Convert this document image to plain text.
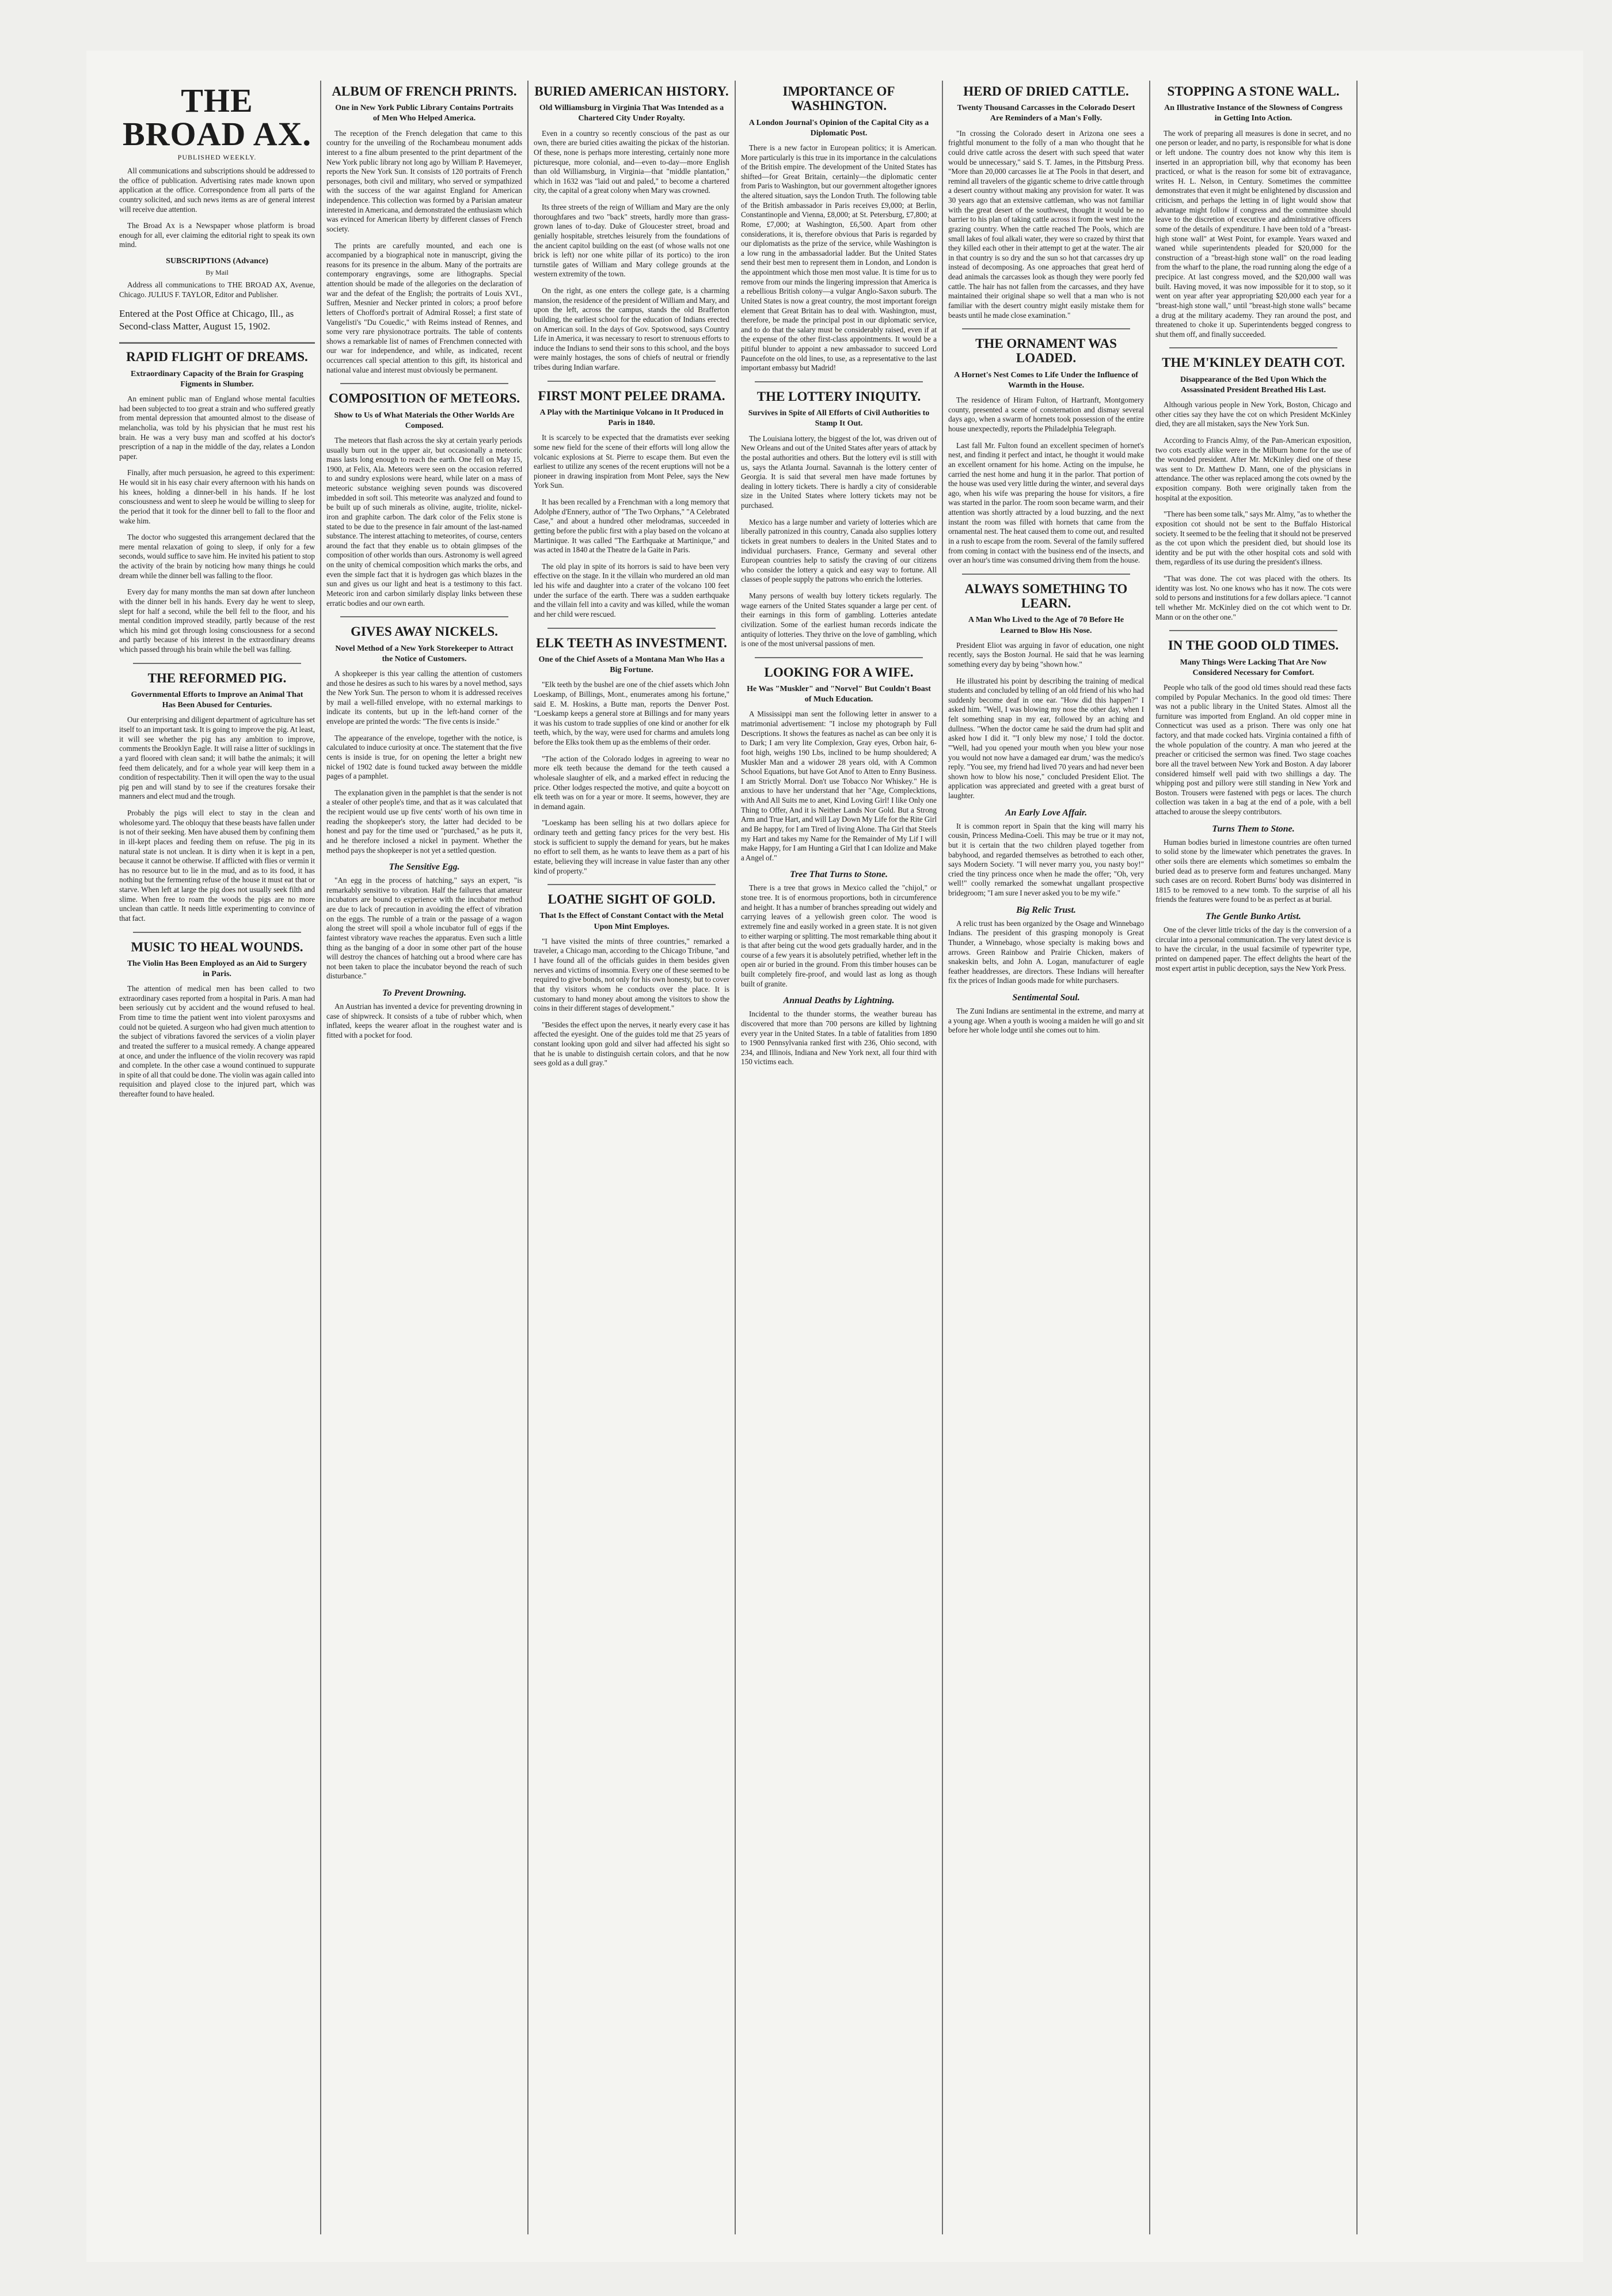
THE BROAD AX.
PUBLISHED WEEKLY.

All communications and subscriptions should be addressed to the office of publication. Advertising rates made known upon application at the office. Correspondence from all parts of the country solicited, and such news items as are of general interest will receive due attention.

The Broad Ax is a Newspaper whose platform is broad enough for all, ever claiming the editorial right to speak its own mind.

SUBSCRIPTIONS (Advance)
By Mail

Address all communications to THE BROAD AX, Avenue, Chicago. JULIUS F. TAYLOR, Editor and Publisher.

Entered at the Post Office at Chicago, Ill., as Second-class Matter, August 15, 1902.
RAPID FLIGHT OF DREAMS.
Extraordinary Capacity of the Brain for Grasping Figments in Slumber.

An eminent public man of England whose mental faculties had been subjected to too great a strain and who suffered greatly from mental depression that amounted almost to the disease of melancholia, was told by his physician that he must rest his brain. He was a very busy man and scoffed at his doctor's prescription of a nap in the middle of the day, relates a London paper.

Finally, after much persuasion, he agreed to this experiment: He would sit in his easy chair every afternoon with his hands on his knees, holding a dinner-bell in his hands. If he lost consciousness and went to sleep he would be willing to sleep for the period that it took for the dinner bell to fall to the floor and wake him.

The doctor who suggested this arrangement declared that the mere mental relaxation of going to sleep, if only for a few seconds, would suffice to save him. He invited his patient to stop the activity of the brain by noticing how many things he could dream while the dinner bell was falling to the floor.

Every day for many months the man sat down after luncheon with the dinner bell in his hands. Every day he went to sleep, slept for half a second, while the bell fell to the floor, and his mental condition improved steadily, partly because of the rest which his mind got through losing consciousness for a second and partly because of his interest in the extraordinary dreams which passed through his brain while the bell was falling.

THE REFORMED PIG.
Governmental Efforts to Improve an Animal That Has Been Abused for Centuries.

Our enterprising and diligent department of agriculture has set itself to an important task. It is going to improve the pig. At least, it will see whether the pig has any ambition to improve, comments the Brooklyn Eagle. It will raise a litter of sucklings in a yard floored with clean sand; it will bathe the animals; it will feed them delicately, and for a whole year will keep them in a condition of respectability. Then it will open the way to the usual pig pen and will stand by to see if the creatures forsake their manners and elect mud and the trough.

Probably the pigs will elect to stay in the clean and wholesome yard. The obloquy that these beasts have fallen under is not of their seeking. Men have abused them by confining them in ill-kept places and feeding them on refuse. The pig in its natural state is not unclean. It is dirty when it is kept in a pen, because it cannot be otherwise. If afflicted with flies or vermin it has no resource but to lie in the mud, and as to its food, it has nothing but the fermenting refuse of the house it must eat that or starve. When left at large the pig does not usually seek filth and slime. When free to roam the woods the pigs are no more unclean than cattle. It needs little experimenting to convince of that fact.

MUSIC TO HEAL WOUNDS.
The Violin Has Been Employed as an Aid to Surgery in Paris.

The attention of medical men has been called to two extraordinary cases reported from a hospital in Paris. A man had been seriously cut by accident and the wound refused to heal. From time to time the patient went into violent paroxysms and could not be quieted. A surgeon who had given much attention to the subject of vibrations favored the services of a violin player and treated the sufferer to a musical remedy. A change appeared at once, and under the influence of the violin recovery was rapid and complete. In the other case a wound continued to suppurate in spite of all that could be done. The violin was again called into requisition and played close to the injured part, which was thereafter found to have healed.

ALBUM OF FRENCH PRINTS.
One in New York Public Library Contains Portraits of Men Who Helped America.

The reception of the French delegation that came to this country for the unveiling of the Rochambeau monument adds interest to a fine album presented to the print department of the New York public library not long ago by William P. Havemeyer, reports the New York Sun. It consists of 120 portraits of French personages, both civil and military, who served or sympathized with the success of the war against England for American independence. This collection was formed by a Parisian amateur interested in Americana, and demonstrated the enthusiasm which was evinced for American liberty by different classes of French society.

The prints are carefully mounted, and each one is accompanied by a biographical note in manuscript, giving the reasons for its presence in the album. Many of the portraits are contemporary engravings, some are lithographs. Special attention should be made of the allegories on the declaration of war and the defeat of the English; the portraits of Louis XVI., Suffren, Mesnier and Necker printed in colors; a proof before letters of Chofford's portrait of Admiral Rossel; a first state of Vangelisti's "Du Couedic," with Reims instead of Rennes, and some very rare physionotrace portraits. The table of contents shows a remarkable list of names of Frenchmen connected with our war for independence, and while, as indicated, recent occurrences call special attention to this gift, its historical and national value and interest must obviously be permanent.

COMPOSITION OF METEORS.
Show to Us of What Materials the Other Worlds Are Composed.

The meteors that flash across the sky at certain yearly periods usually burn out in the upper air, but occasionally a meteoric mass lasts long enough to reach the earth. One fell on May 15, 1900, at Felix, Ala. Meteors were seen on the occasion referred to and sundry explosions were heard, while later on a mass of meteoric substance weighing seven pounds was discovered imbedded in soft soil. This meteorite was analyzed and found to be built up of such minerals as olivine, augite, triolite, nickel-iron and graphite carbon. The dark color of the Felix stone is stated to be due to the presence in fair amount of the last-named substance. The interest attaching to meteorites, of course, centers around the fact that they enable us to obtain glimpses of the composition of other worlds than ours. Astronomy is well agreed on the unity of chemical composition which marks the orbs, and even the simple fact that it is hydrogen gas which blazes in the sun and gives us our light and heat is a testimony to this fact. Meteoric iron and carbon similarly display links between these erratic bodies and our own earth.

GIVES AWAY NICKELS.
Novel Method of a New York Storekeeper to Attract the Notice of Customers.

A shopkeeper is this year calling the attention of customers and those he desires as such to his wares by a novel method, says the New York Sun. The person to whom it is addressed receives by mail a well-filled envelope, with no external markings to indicate its contents, but up in the left-hand corner of the envelope are printed the words: "The five cents is inside."

The appearance of the envelope, together with the notice, is calculated to induce curiosity at once. The statement that the five cents is inside is true, for on opening the letter a bright new nickel of 1902 date is found tucked away between the middle pages of a pamphlet.

The explanation given in the pamphlet is that the sender is not a stealer of other people's time, and that as it was calculated that the recipient would use up five cents' worth of his own time in reading the shopkeeper's story, the latter had decided to be honest and pay for the time used or "purchased," as he puts it, and he therefore inclosed a nickel in payment. Whether the method pays the shopkeeper is not yet a settled question.

The Sensitive Egg.

"An egg in the process of hatching," says an expert, "is remarkably sensitive to vibration. Half the failures that amateur incubators are bound to experience with the incubator method are due to lack of precaution in avoiding the effect of vibration on the eggs. The rumble of a train or the passage of a wagon along the street will spoil a whole incubator full of eggs if the faintest vibratory wave reaches the apparatus. Even such a little thing as the banging of a door in some other part of the house will destroy the chances of hatching out a brood where care has not been taken to place the incubator beyond the reach of such disturbance."

To Prevent Drowning.

An Austrian has invented a device for preventing drowning in case of shipwreck. It consists of a tube of rubber which, when inflated, keeps the wearer afloat in the roughest water and is fitted with a pocket for food.

BURIED AMERICAN HISTORY.
Old Williamsburg in Virginia That Was Intended as a Chartered City Under Royalty.

Even in a country so recently conscious of the past as our own, there are buried cities awaiting the pickax of the historian. Of these, none is perhaps more interesting, certainly none more picturesque, more colonial, and—even to-day—more English than old Williamsburg, in Virginia—that "middle plantation," which in 1632 was "laid out and paled," to become a chartered city, the capital of a great colony when Mary was crowned.

Its three streets of the reign of William and Mary are the only thoroughfares and two "back" streets, hardly more than grass-grown lanes of to-day. Duke of Gloucester street, broad and genially hospitable, stretches leisurely from the foundations of the ancient capitol building on the east (of whose walls not one brick is left) nor one white pillar of its portico) to the iron turnstile gates of William and Mary college grounds at the western extremity of the town.

On the right, as one enters the college gate, is a charming mansion, the residence of the president of William and Mary, and upon the left, across the campus, stands the old Brafferton building, the earliest school for the education of Indians erected on American soil. In the days of Gov. Spotswood, says Country Life in America, it was necessary to resort to strenuous efforts to induce the Indians to send their sons to this school, and the boys were mainly hostages, the sons of chiefs of neutral or friendly tribes during Indian warfare.

FIRST MONT PELEE DRAMA.
A Play with the Martinique Volcano in It Produced in Paris in 1840.

It is scarcely to be expected that the dramatists ever seeking some new field for the scene of their efforts will long allow the volcanic explosions at St. Pierre to escape them. But even the earliest to utilize any scenes of the recent eruptions will not be a pioneer in drawing inspiration from Mont Pelee, says the New York Sun.

It has been recalled by a Frenchman with a long memory that Adolphe d'Ennery, author of "The Two Orphans," "A Celebrated Case," and about a hundred other melodramas, succeeded in getting before the public first with a play based on the volcano at Martinique. It was called "The Earthquake at Martinique," and was acted in 1840 at the Theatre de la Gaite in Paris.

The old play in spite of its horrors is said to have been very effective on the stage. In it the villain who murdered an old man led his wife and daughter into a crater of the volcano 100 feet under the surface of the earth. There was a sudden earthquake and the villain fell into a cavity and was killed, while the woman and her child were rescued.

ELK TEETH AS INVESTMENT.
One of the Chief Assets of a Montana Man Who Has a Big Fortune.

"Elk teeth by the bushel are one of the chief assets which John Loeskamp, of Billings, Mont., enumerates among his fortune," said E. M. Hoskins, a Butte man, reports the Denver Post. "Loeskamp keeps a general store at Billings and for many years it was his custom to trade supplies of one kind or another for elk teeth, which, by the way, were used for charms and amulets long before the Elks took them up as the emblems of their order.

"The action of the Colorado lodges in agreeing to wear no more elk teeth because the demand for the teeth caused a wholesale slaughter of elk, and a marked effect in reducing the price. Other lodges respected the motive, and quite a boycott on elk teeth was on for a year or more. It seems, however, they are in demand again.

"Loeskamp has been selling his at two dollars apiece for ordinary teeth and getting fancy prices for the very best. His stock is sufficient to supply the demand for years, but he makes no effort to sell them, as he wants to leave them as a part of his estate, believing they will increase in value faster than any other kind of property."

LOATHE SIGHT OF GOLD.
That Is the Effect of Constant Contact with the Metal Upon Mint Employes.

"I have visited the mints of three countries," remarked a traveler, a Chicago man, according to the Chicago Tribune, "and I have found all of the officials guides in them besides given nerves and victims of insomnia. Every one of these seemed to be required to give bonds, not only for his own honesty, but to cover that thy visitors whom he conducts over the place. It is customary to hand money about among the visitors to show the coins in their different stages of development."

"Besides the effect upon the nerves, it nearly every case it has affected the eyesight. One of the guides told me that 25 years of constant looking upon gold and silver had affected his sight so that he is unable to distinguish certain colors, and that he now sees gold as a dull gray."

IMPORTANCE OF WASHINGTON.
A London Journal's Opinion of the Capital City as a Diplomatic Post.

There is a new factor in European politics; it is American. More particularly is this true in its importance in the calculations of the British empire. The development of the United States has shifted—for Great Britain, certainly—the diplomatic center from Paris to Washington, but our government altogether ignores the altered situation, says the London Truth. The following table of the British ambassador in Paris receives £9,000; at Berlin, Constantinople and Vienna, £8,000; at St. Petersburg, £7,800; at Rome, £7,000; at Washington, £6,500. Apart from other considerations, it is, therefore obvious that Paris is regarded by our diplomatists as the prize of the service, while Washington is a low rung in the ambassadorial ladder. But the United States send their best men to represent them in London, and London is the appointment which those men most value. It is time for us to remove from our minds the lingering impression that America is a rebellious British colony—a vulgar Anglo-Saxon suburb. The United States is now a great country, the most important foreign element that Great Britain has to deal with. Washington, must, therefore, be made the principal post in our diplomatic service, and to do that the salary must be considerably raised, even if at the expense of the other first-class appointments. It would be a pitiful blunder to appoint a new ambassador to succeed Lord Pauncefote on the old lines, to use, as a representative to the last important embassy but Madrid!

THE LOTTERY INIQUITY.
Survives in Spite of All Efforts of Civil Authorities to Stamp It Out.

The Louisiana lottery, the biggest of the lot, was driven out of New Orleans and out of the United States after years of attack by the postal authorities and others. But the lottery evil is still with us, says the Atlanta Journal. Savannah is the lottery center of Georgia. It is said that several men have made fortunes by dealing in lottery tickets. There is hardly a city of considerable size in the United States where lottery tickets may not be purchased.

Mexico has a large number and variety of lotteries which are liberally patronized in this country, Canada also supplies lottery tickets in great numbers to dealers in the United States and to individual purchasers. France, Germany and several other European countries help to satisfy the craving of our citizens who consider the lottery a quick and easy way to fortune. All classes of people supply the patrons who enrich the lotteries.

Many persons of wealth buy lottery tickets regularly. The wage earners of the United States squander a large per cent. of their earnings in this form of gambling. Lotteries antedate civilization. Some of the earliest human records indicate the antiquity of lotteries. They thrive on the love of gambling, which is one of the most universal passions of men.

LOOKING FOR A WIFE.
He Was "Muskler" and "Norvel" But Couldn't Boast of Much Education.

A Mississippi man sent the following letter in answer to a matrimonial advertisement: "I inclose my photograph by Full Descriptions. It shows the features as nachel as can bee only it is to Dark; I am very lite Complexion, Gray eyes, Orbon hair, 6-foot high, weighs 190 Lbs, inclined to be hump shouldered; A Muskler Man and a widower 28 years old, with A Common School Equations, but have Got Anof to Atten to Enny Business. I am Strictly Morral. Don't use Tobacco Nor Whiskey." He is anxious to have her understand that her "Age, Complecktions, with And All Suits me to anet, Kind Loving Girl! I like Only one Thing to Offer, And it is Neither Lands Nor Gold. But a Strong Arm and True Hart, and will Lay Down My Life for the Rite Girl and Be happy, for I am Tired of living Alone. Tha Girl that Steels my Hart and takes my Name for the Remainder of My Lif I will make Happy, for I am Hunting a Girl that I can Idolize and Make a Angel of."

Tree That Turns to Stone.

There is a tree that grows in Mexico called the "chijol," or stone tree. It is of enormous proportions, both in circumference and height. It has a number of branches spreading out widely and carrying leaves of a yellowish green color. The wood is extremely fine and easily worked in a green state. It is not given to either warping or splitting. The most remarkable thing about it is that after being cut the wood gets gradually harder, and in the course of a few years it is absolutely petrified, whether left in the open air or buried in the ground. From this timber houses can be built completely fire-proof, and would last as long as though built of granite.

Annual Deaths by Lightning.

Incidental to the thunder storms, the weather bureau has discovered that more than 700 persons are killed by lightning every year in the United States. In a table of fatalities from 1890 to 1900 Pennsylvania ranked first with 236, Ohio second, with 234, and Illinois, Indiana and New York next, all four third with 150 victims each.

HERD OF DRIED CATTLE.
Twenty Thousand Carcasses in the Colorado Desert Are Reminders of a Man's Folly.

"In crossing the Colorado desert in Arizona one sees a frightful monument to the folly of a man who thought that he could drive cattle across the desert with such speed that water would be unnecessary," said S. T. James, in the Pittsburg Press. "More than 20,000 carcasses lie at The Pools in that desert, and remind all travelers of the gigantic scheme to drive cattle through a desert country without making any provision for water. It was 30 years ago that an extensive cattleman, who was not familiar with the great desert of the southwest, thought it would be no barrier to his plan of taking cattle across it from the west into the grazing country. When the cattle reached The Pools, which are small lakes of foul alkali water, they were so crazed by thirst that they killed each other in their attempt to get at the water. The air in that country is so dry and the sun so hot that carcasses dry up instead of decomposing. As one approaches that great herd of dead animals the carcasses look as though they were poorly fed cattle. The hair has not fallen from the carcasses, and they have maintained their original shape so well that a man who is not familiar with the desert country might easily mistake them for beasts until he made close examination."

THE ORNAMENT WAS LOADED.
A Hornet's Nest Comes to Life Under the Influence of Warmth in the House.

The residence of Hiram Fulton, of Hartranft, Montgomery county, presented a scene of consternation and dismay several days ago, when a swarm of hornets took possession of the entire house unexpectedly, reports the Philadelphia Telegraph.

Last fall Mr. Fulton found an excellent specimen of hornet's nest, and finding it perfect and intact, he thought it would make an excellent ornament for his home. Acting on the impulse, he carried the nest home and hung it in the parlor. That portion of the house was used very little during the winter, and several days ago, when his wife was preparing the house for visitors, a fire was started in the parlor. The room soon became warm, and their attention was shortly attracted by a loud buzzing, and the next instant the room was filled with hornets that came from the ornamental nest. The heat caused them to come out, and resulted in a rush to escape from the room. Several of the family suffered from coming in contact with the business end of the insects, and over an hour's time was consumed driving them from the house.

ALWAYS SOMETHING TO LEARN.
A Man Who Lived to the Age of 70 Before He Learned to Blow His Nose.

President Eliot was arguing in favor of education, one night recently, says the Boston Journal. He said that he was learning something every day by being "shown how."

He illustrated his point by describing the training of medical students and concluded by telling of an old friend of his who had suddenly become deaf in one ear. "How did this happen?" I asked him. "Well, I was blowing my nose the other day, when I felt something snap in my ear, followed by an aching and dullness. "When the doctor came he said the drum had split and asked how I did it. "'I only blew my nose,' I told the doctor. "'Well, had you opened your mouth when you blew your nose you would not now have a damaged ear drum,' was the medico's reply. "You see, my friend had lived 70 years and had never been shown how to blow his nose," concluded President Eliot. The application was appreciated and greeted with a great burst of laughter.

An Early Love Affair.

It is common report in Spain that the king will marry his cousin, Princess Medina-Coeli. This may be true or it may not, but it is certain that the two children played together from babyhood, and regarded themselves as betrothed to each other, says Modern Society. "I will never marry you, you nasty boy!" cried the tiny princess once when he made the offer; "Oh, very well!" coolly remarked the somewhat ungallant prospective bridegroom; "I am sure I never asked you to be my wife."

Big Relic Trust.

A relic trust has been organized by the Osage and Winnebago Indians. The president of this grasping monopoly is Great Thunder, a Winnebago, whose specialty is making bows and arrows. Green Rainbow and Prairie Chicken, makers of snakeskin belts, and John A. Logan, manufacturer of eagle feather headdresses, are directors. These Indians will hereafter fix the prices of Indian goods made for white purchasers.

Sentimental Soul.

The Zuni Indians are sentimental in the extreme, and marry at a young age. When a youth is wooing a maiden he will go and sit before her whole lodge until she comes out to him.

STOPPING A STONE WALL.
An Illustrative Instance of the Slowness of Congress in Getting Into Action.

The work of preparing all measures is done in secret, and no one person or leader, and no party, is responsible for what is done or left undone. The country does not know why this item is inserted in an appropriation bill, why that economy has been practiced, or what is the reason for some bit of extravagance, writes H. L. Nelson, in Century. Sometimes the committee demonstrates that even it might be enlightened by discussion and criticism, and perhaps the letting in of light would show that advantage might follow if congress and the committee should leave to the discretion of executive and administrative officers some of the details of expenditure. I have been told of a "breast-high stone wall" at West Point, for example. Years waxed and waned while superintendents pleaded for $20,000 for the construction of a "breast-high stone wall" on the road leading from the wharf to the plane, the road running along the edge of a precipice. At last congress moved, and the $20,000 wall was built. Having moved, it was now impossible for it to stop, so it went on year after year appropriating $20,000 each year for a "breast-high stone wall," until "breast-high stone walls" became a drug at the military academy. They ran around the post, and threatened to choke it up. Superintendents begged congress to shut them off, and finally succeeded.

THE M'KINLEY DEATH COT.
Disappearance of the Bed Upon Which the Assassinated President Breathed His Last.

Although various people in New York, Boston, Chicago and other cities say they have the cot on which President McKinley died, they are all mistaken, says the New York Sun.

According to Francis Almy, of the Pan-American exposition, two cots exactly alike were in the Milburn home for the use of the wounded president. After Mr. McKinley died one of these was sent to Dr. Matthew D. Mann, one of the physicians in attendance. The other was replaced among the cots owned by the exposition company. Both were originally taken from the hospital at the exposition.

"There has been some talk," says Mr. Almy, "as to whether the exposition cot should not be sent to the Buffalo Historical society. It seemed to be the feeling that it should not be preserved as the cot upon which the president died, but should lose its identity and be put with the other hospital cots and sold with them, regardless of its use during the president's illness.

"That was done. The cot was placed with the others. Its identity was lost. No one knows who has it now. The cots were sold to persons and institutions for a few dollars apiece. "I cannot tell whether Mr. McKinley died on the cot which went to Dr. Mann or on the other one."

IN THE GOOD OLD TIMES.
Many Things Were Lacking That Are Now Considered Necessary for Comfort.

People who talk of the good old times should read these facts compiled by Popular Mechanics. In the good old times: There was not a public library in the United States. Almost all the furniture was imported from England. An old copper mine in Connecticut was used as a prison. There was only one hat factory, and that made cocked hats. Virginia contained a fifth of the whole population of the country. A man who jeered at the preacher or criticised the sermon was fined. Two stage coaches bore all the travel between New York and Boston. A day laborer considered himself well paid with two shillings a day. The whipping post and pillory were still standing in New York and Boston. Trousers were fastened with pegs or laces. The church collection was taken in a bag at the end of a pole, with a bell attached to arouse the sleepy contributors.

Turns Them to Stone.

Human bodies buried in limestone countries are often turned to solid stone by the limewater which penetrates the graves. In other soils there are elements which sometimes so embalm the buried dead as to preserve form and features unchanged. Many such cases are on record. Robert Burns' body was disinterred in 1815 to be removed to a new tomb. To the surprise of all his friends the features were found to be as perfect as at burial.

The Gentle Bunko Artist.

One of the clever little tricks of the day is the conversion of a circular into a personal communication. The very latest device is to have the circular, in the usual facsimile of typewriter type, printed on dampened paper. The effect delights the heart of the most expert artist in public deception, says the New York Press.
